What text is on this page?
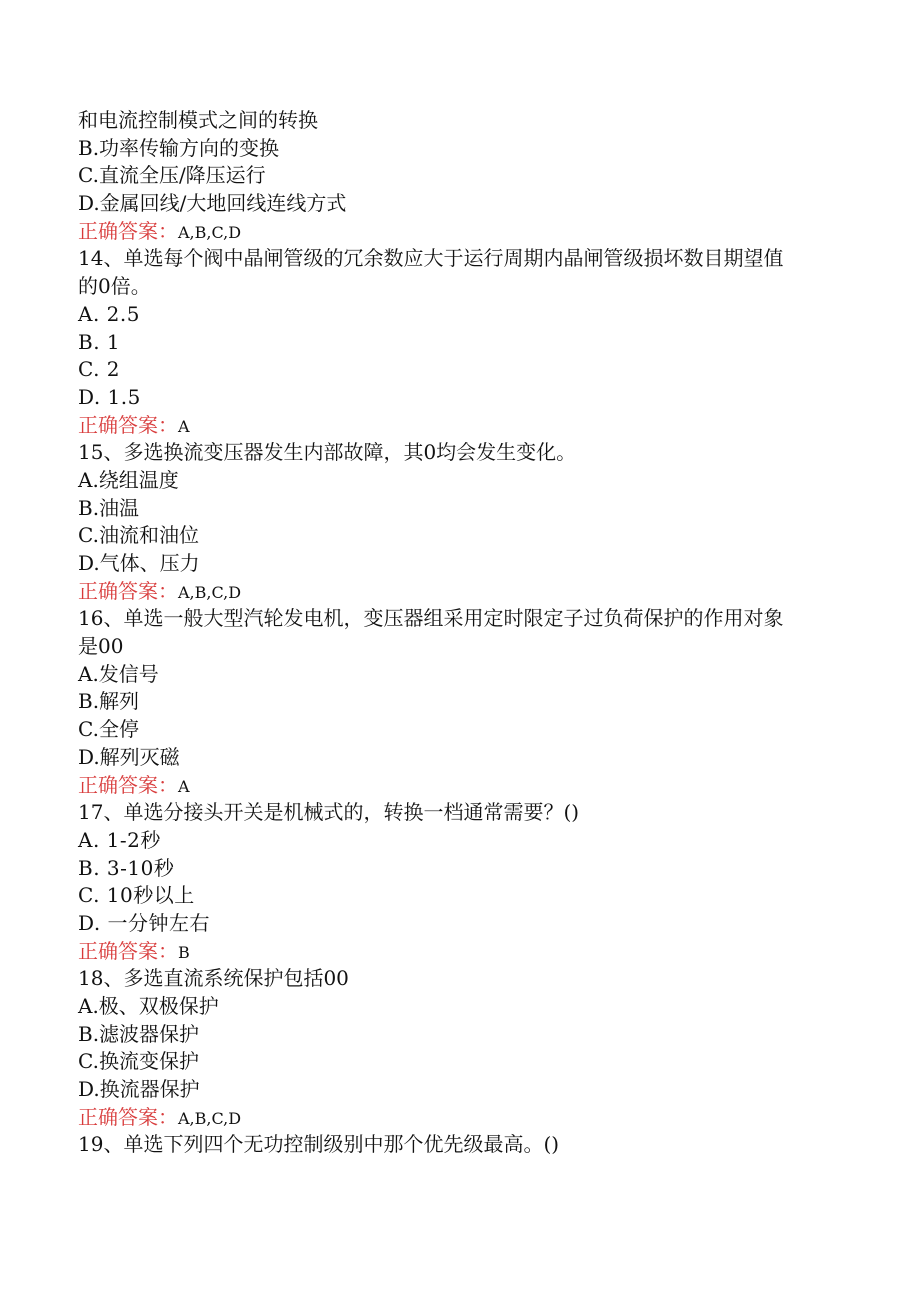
和电流控制模式之间的转换
B.功率传输方向的变换
C.直流全压/降压运行
D.金属回线/大地回线连线方式
正确答案：A,B,C,D
14、单选每个阀中晶闸管级的冗余数应大于运行周期内晶闸管级损坏数目期望值
的0倍。
A. 2.5
B. 1
C. 2
D. 1.5
正确答案：A
15、多选换流变压器发生内部故障，其0均会发生变化。
A.绕组温度
B.油温
C.油流和油位
D.气体、压力
正确答案：A,B,C,D
16、单选一般大型汽轮发电机，变压器组采用定时限定子过负荷保护的作用对象
是00
A.发信号
B.解列
C.全停
D.解列灭磁
正确答案：A
17、单选分接头开关是机械式的，转换一档通常需要？()
A. 1-2秒
B. 3-10秒
C. 10秒以上
D. 一分钟左右
正确答案：B
18、多选直流系统保护包括00
A.极、双极保护
B.滤波器保护
C.换流变保护
D.换流器保护
正确答案：A,B,C,D
19、单选下列四个无功控制级别中那个优先级最高。()
